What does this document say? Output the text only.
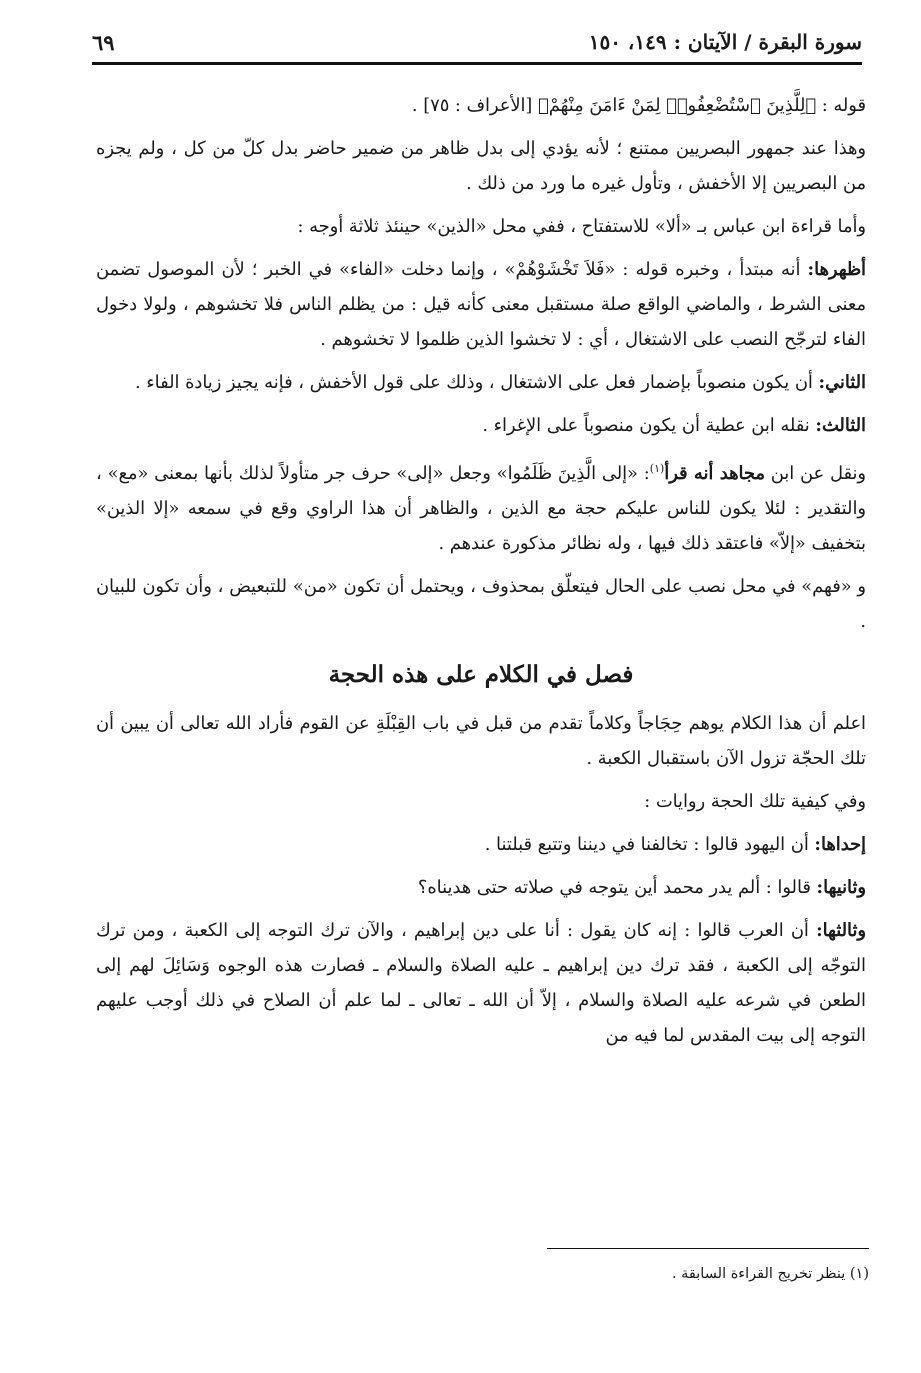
سورة البقرة / الآيتان : ١٤٩، ١٥٠
٦٩

قوله : ﴿لِلَّذِينَ ٱسْتُضْعِفُوا۟ لِمَنْ ءَامَنَ مِنْهُمْ﴾ [الأعراف : ٧٥] .

وهذا عند جمهور البصريين ممتنع ؛ لأنه يؤدي إلى بدل ظاهر من ضمير حاضر بدل كلّ من كل ، ولم يجزه من البصريين إلا الأخفش ، وتأول غيره ما ورد من ذلك .

وأما قراءة ابن عباس بـ «ألا» للاستفتاح ، ففي محل «الذين» حينئذ ثلاثة أوجه :

أظهرها: أنه مبتدأ ، وخبره قوله : «فَلاَ تَخْشَوْهُمْ» ، وإنما دخلت «الفاء» في الخبر ؛ لأن الموصول تضمن معنى الشرط ، والماضي الواقع صلة مستقبل معنى كأنه قيل : من يظلم الناس فلا تخشوهم ، ولولا دخول الفاء لترجّح النصب على الاشتغال ، أي : لا تخشوا الذين ظلموا لا تخشوهم .

الثاني: أن يكون منصوباً بإضمار فعل على الاشتغال ، وذلك على قول الأخفش ، فإنه يجيز زيادة الفاء .

الثالث: نقله ابن عطية أن يكون منصوباً على الإغراء .

ونقل عن ابن مجاهد أنه قرأ$^{(١)}$: «إلى الَّذِينَ ظَلَمُوا» وجعل «إلى» حرف جر متأولاً لذلك بأنها بمعنى «مع» ، والتقدير : لئلا يكون للناس عليكم حجة مع الذين ، والظاهر أن هذا الراوي وقع في سمعه «إلا الذين» بتخفيف «إلاّ» فاعتقد ذلك فيها ، وله نظائر مذكورة عندهم .

و «فهم» في محل نصب على الحال فيتعلّق بمحذوف ، ويحتمل أن تكون «من» للتبعيض ، وأن تكون للبيان .

فصل في الكلام على هذه الحجة

اعلم أن هذا الكلام يوهم حِجَاجاً وكلاماً تقدم من قبل في باب القِبْلَةِ عن القوم فأراد الله تعالى أن يبين أن تلك الحجّة تزول الآن باستقبال الكعبة .

وفي كيفية تلك الحجة روايات :

إحداها: أن اليهود قالوا : تخالفنا في ديننا وتتبع قبلتنا .

وثانيها: قالوا : ألم يدر محمد أين يتوجه في صلاته حتى هديناه؟

وثالثها: أن العرب قالوا : إنه كان يقول : أنا على دين إبراهيم ، والآن ترك التوجه إلى الكعبة ، ومن ترك التوجّه إلى الكعبة ، فقد ترك دين إبراهيم ـ عليه الصلاة والسلام ـ فصارت هذه الوجوه وَسَائِلَ لهم إلى الطعن في شرعه عليه الصلاة والسلام ، إلاّ أن الله ـ تعالى ـ لما علم أن الصلاح في ذلك أوجب عليهم التوجه إلى بيت المقدس لما فيه من

(١) ينظر تخريج القراءة السابقة .
